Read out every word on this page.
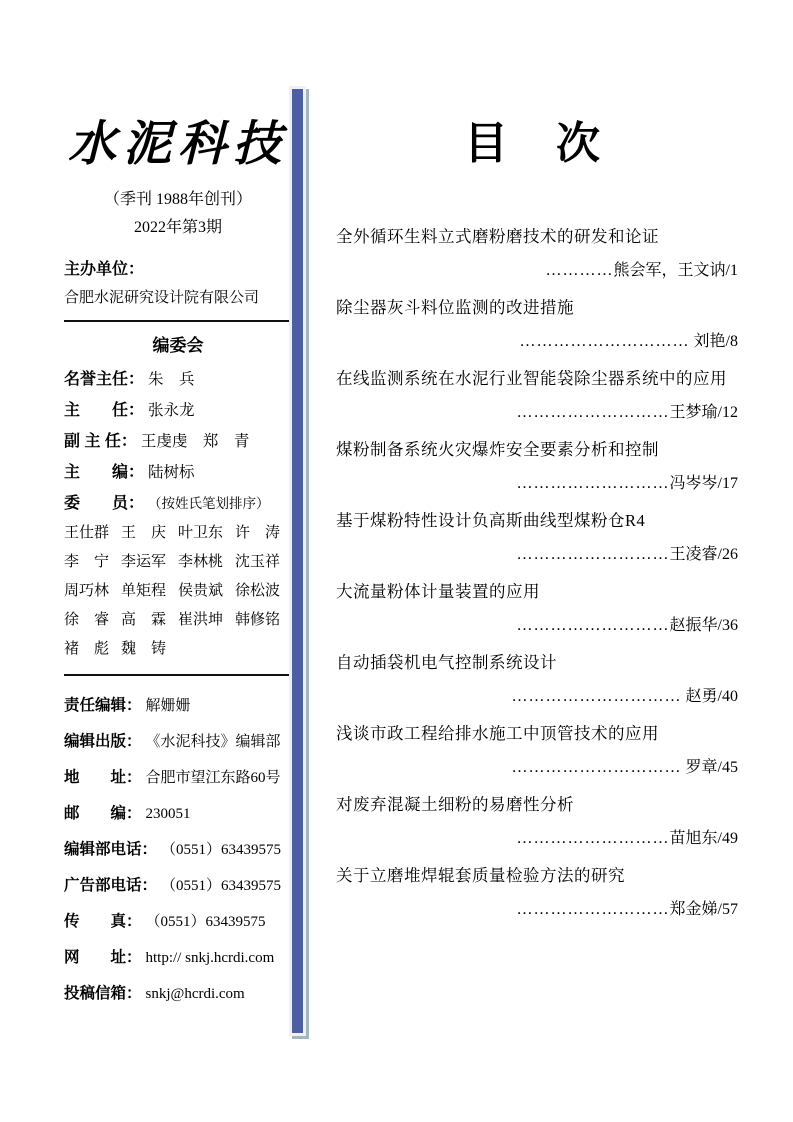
水泥科技
（季刊 1988年创刊）
2022年第3期
主办单位：
合肥水泥研究设计院有限公司
编委会
名誉主任： 朱　兵
主　　任： 张永龙
副 主 任： 王虔虔　郑　青
主　　编： 陆树标
委　　员： （按姓氏笔划排序）
王仕群 王　庆 叶卫东 许　涛
李　宁 李运军 李林桃 沈玉祥
周巧林 单矩程 侯贵斌 徐松波
徐　睿 高　霖 崔洪坤 韩修铭
褚　彪 魏　铸
责任编辑： 解姗姗
编辑出版： 《水泥科技》编辑部
地　　址： 合肥市望江东路60号
邮　　编： 230051
编辑部电话： （0551）63439575
广告部电话： （0551）63439575
传　　真： （0551）63439575
网　　址： http:// snkj.hcrdi.com
投稿信箱： snkj@hcrdi.com
目　次
全外循环生料立式磨粉磨技术的研发和论证
…………熊会军，王文讷/1
除尘器灰斗料位监测的改进措施
………………………… 刘艳/8
在线监测系统在水泥行业智能袋除尘器系统中的应用
………………………王梦瑜/12
煤粉制备系统火灾爆炸安全要素分析和控制
………………………冯岑岑/17
基于煤粉特性设计负高斯曲线型煤粉仓R4
………………………王凌睿/26
大流量粉体计量装置的应用
………………………赵振华/36
自动插袋机电气控制系统设计
………………………… 赵勇/40
浅谈市政工程给排水施工中顶管技术的应用
………………………… 罗章/45
对废弃混凝土细粉的易磨性分析
………………………苗旭东/49
关于立磨堆焊辊套质量检验方法的研究
………………………郑金娣/57
